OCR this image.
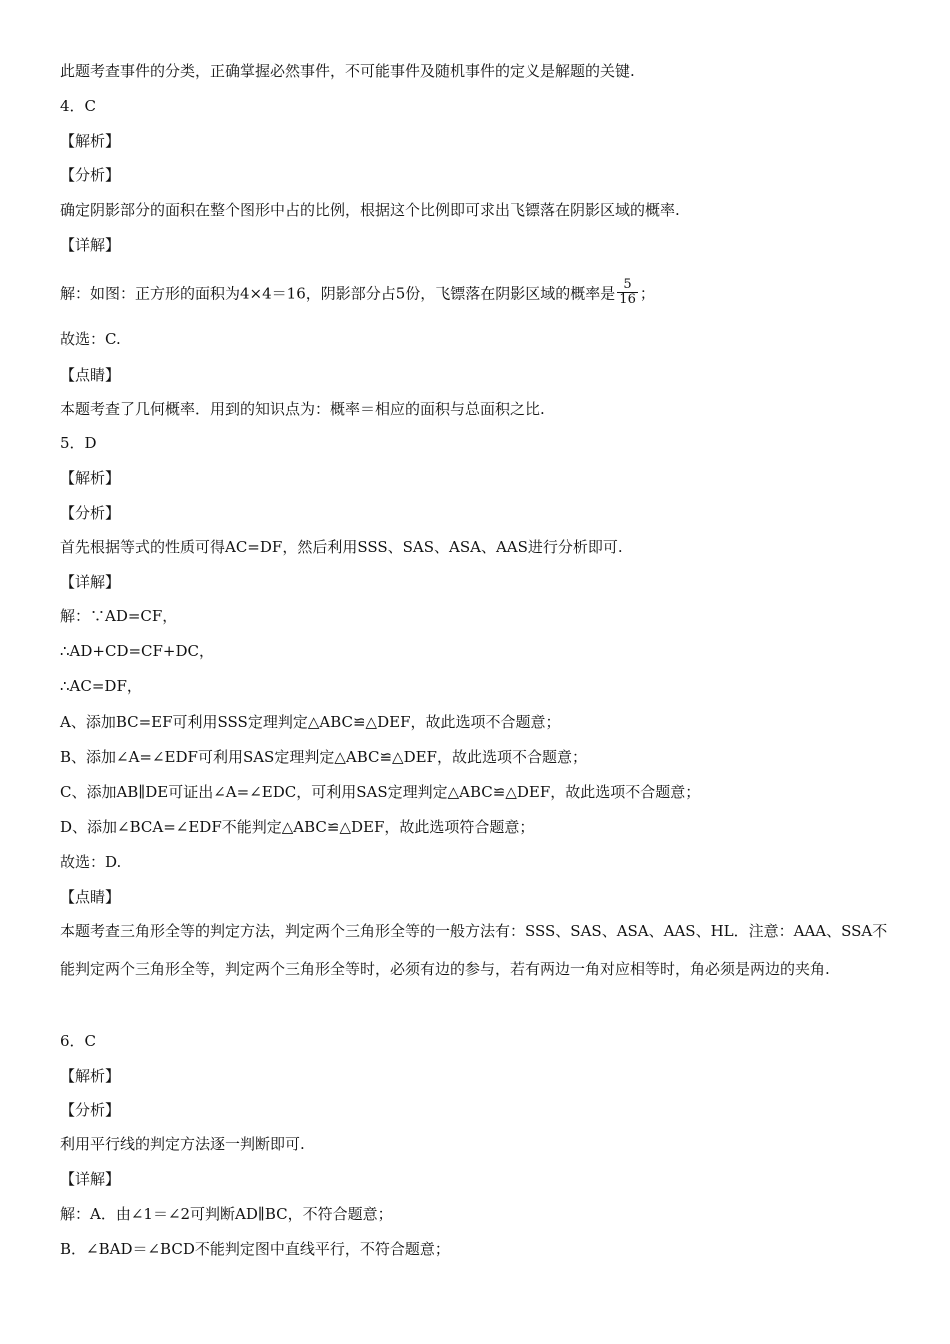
此题考查事件的分类，正确掌握必然事件，不可能事件及随机事件的定义是解题的关键.
4．C
【解析】
【分析】
确定阴影部分的面积在整个图形中占的比例，根据这个比例即可求出飞镖落在阴影区域的概率.
【详解】
解：如图：正方形的面积为4×4＝16，阴影部分占5份，飞镖落在阴影区域的概率是 $\frac{5}{16}$ ；
故选：C.
【点睛】
本题考查了几何概率．用到的知识点为：概率＝相应的面积与总面积之比.
5．D
【解析】
【分析】
首先根据等式的性质可得AC=DF，然后利用SSS、SAS、ASA、AAS进行分析即可.
【详解】
解：∵AD=CF，
∴AD+CD=CF+DC，
∴AC=DF，
A、添加BC=EF可利用SSS定理判定△ABC≌△DEF，故此选项不合题意；
B、添加∠A=∠EDF可利用SAS定理判定△ABC≌△DEF，故此选项不合题意；
C、添加AB∥DE可证出∠A=∠EDC，可利用SAS定理判定△ABC≌△DEF，故此选项不合题意；
D、添加∠BCA=∠EDF不能判定△ABC≌△DEF，故此选项符合题意；
故选：D.
【点睛】
本题考查三角形全等的判定方法，判定两个三角形全等的一般方法有：SSS、SAS、ASA、AAS、HL．注意：AAA、SSA不能判定两个三角形全等，判定两个三角形全等时，必须有边的参与，若有两边一角对应相等时，角必须是两边的夹角.
6．C
【解析】
【分析】
利用平行线的判定方法逐一判断即可.
【详解】
解：A．由∠1＝∠2可判断AD∥BC，不符合题意；
B．∠BAD＝∠BCD不能判定图中直线平行，不符合题意；
